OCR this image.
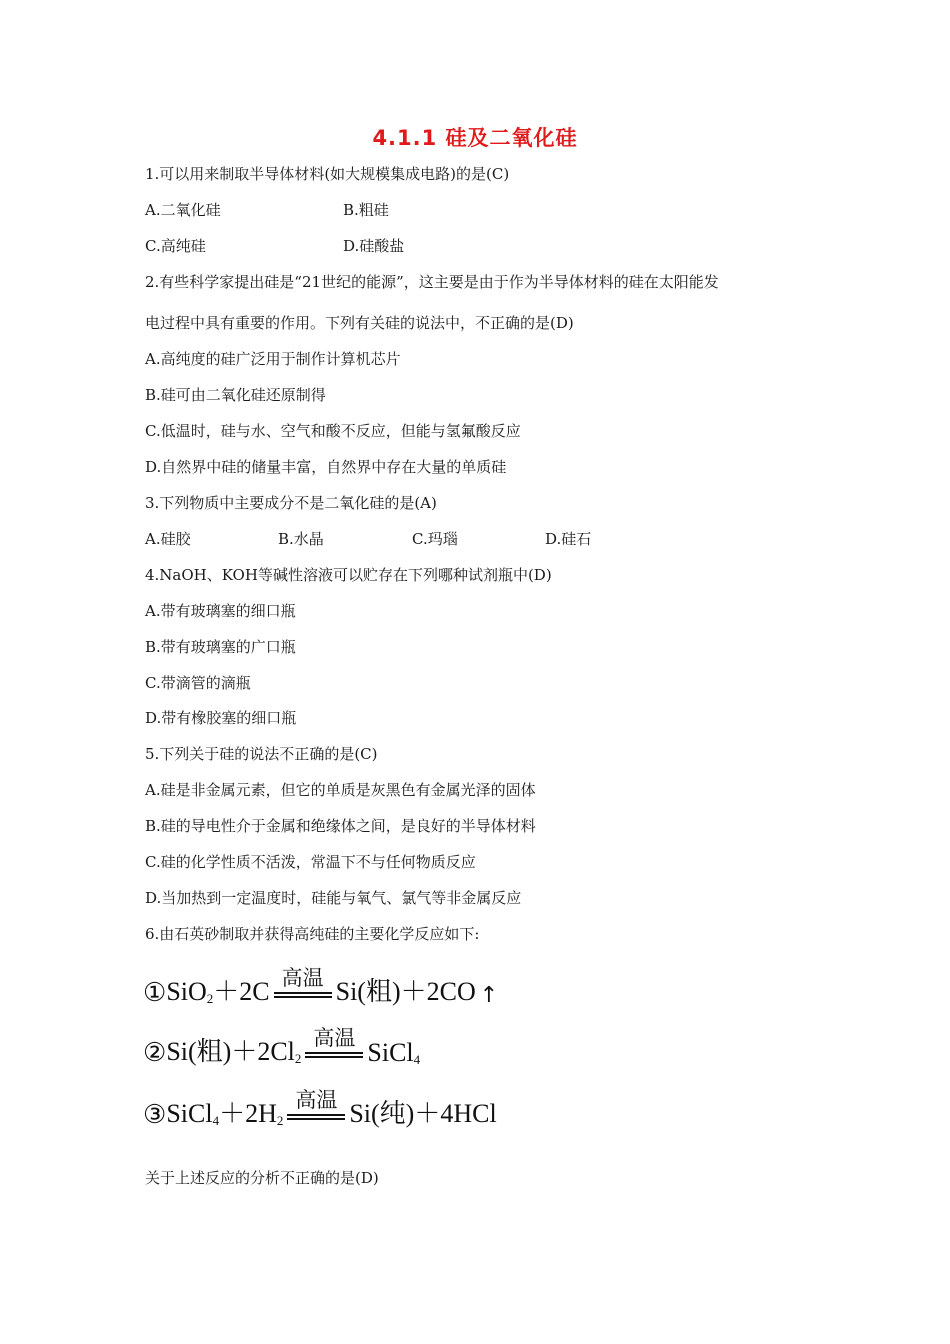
4.1.1 硅及二氧化硅
1.可以用来制取半导体材料(如大规模集成电路)的是(C)
A.二氧化硅	B.粗硅
C.高纯硅	D.硅酸盐
2.有些科学家提出硅是“21世纪的能源”，这主要是由于作为半导体材料的硅在太阳能发
电过程中具有重要的作用。下列有关硅的说法中，不正确的是(D)
A.高纯度的硅广泛用于制作计算机芯片
B.硅可由二氧化硅还原制得
C.低温时，硅与水、空气和酸不反应，但能与氢氟酸反应
D.自然界中硅的储量丰富，自然界中存在大量的单质硅
3.下列物质中主要成分不是二氧化硅的是(A)
A.硅胶	B.水晶	C.玛瑙	D.硅石
4.NaOH、KOH等碱性溶液可以贮存在下列哪种试剂瓶中(D)
A.带有玻璃塞的细口瓶
B.带有玻璃塞的广口瓶
C.带滴管的滴瓶
D.带有橡胶塞的细口瓶
5.下列关于硅的说法不正确的是(C)
A.硅是非金属元素，但它的单质是灰黑色有金属光泽的固体
B.硅的导电性介于金属和绝缘体之间，是良好的半导体材料
C.硅的化学性质不活泼，常温下不与任何物质反应
D.当加热到一定温度时，硅能与氧气、氯气等非金属反应
6.由石英砂制取并获得高纯硅的主要化学反应如下:
①SiO$_2$＋2C 高温 Si(粗)＋2CO ↑
②Si(粗)$+2Cl_2$
高温 SiCl$_4$
$③SiCl_4+2H_2$
高温 Si(纯)＋4HCl
关于上述反应的分析不正确的是(D)
